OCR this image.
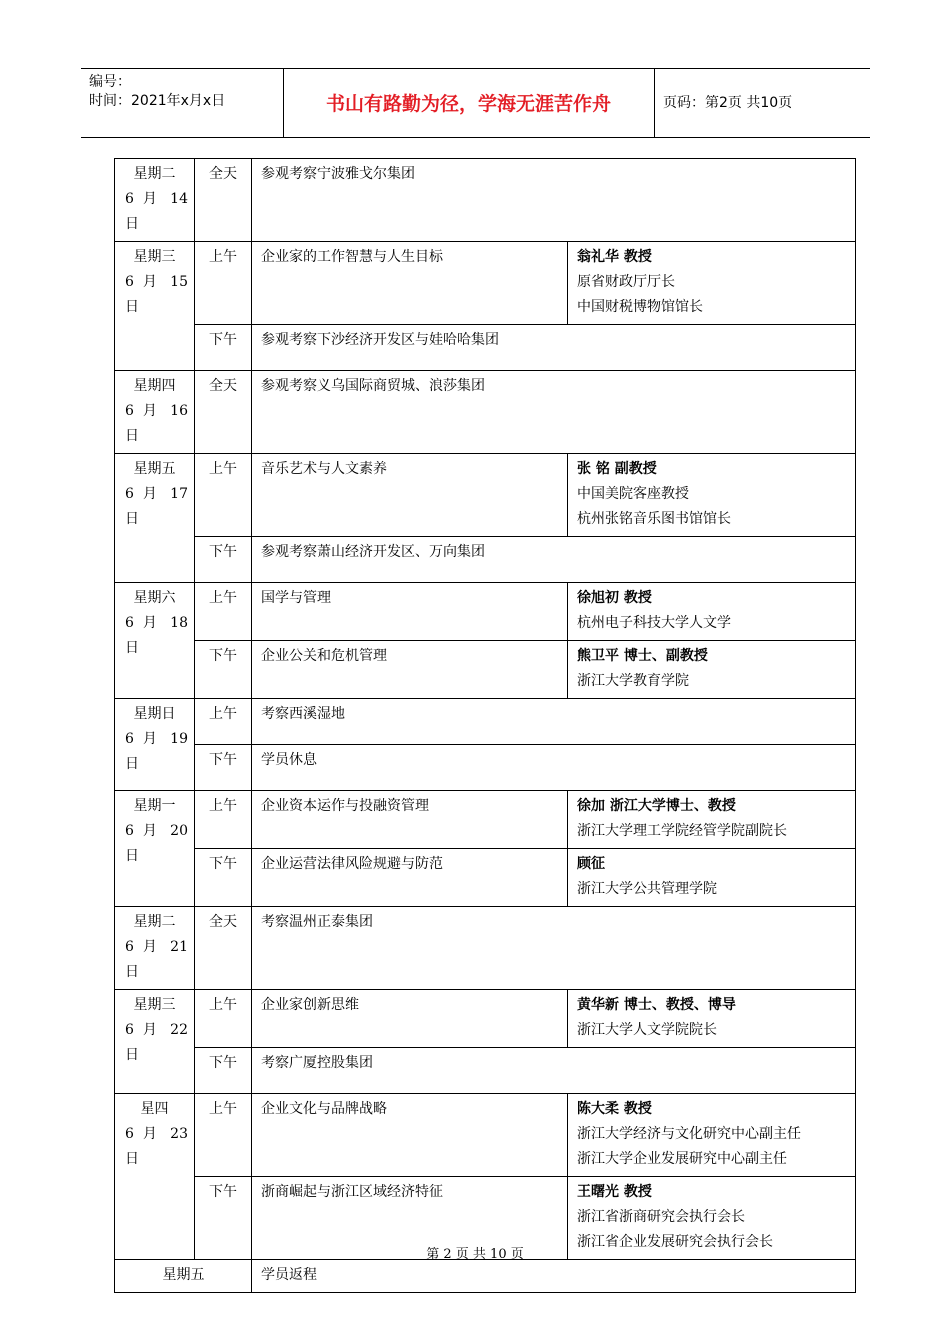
编号：
时间：2021年x月x日	书山有路勤为径，学海无涯苦作舟	页码：第2页 共10页
星期二
6 月 14
日	全天	参观考察宁波雅戈尔集团	

星期三
6 月 15
日	上午	企业家的工作智慧与人生目标	翁礼华 教授
原省财政厅厅长
中国财税博物馆馆长

	下午	参观考察下沙经济开发区与娃哈哈集团	

星期四
6 月 16
日	全天	参观考察义乌国际商贸城、浪莎集团	

星期五
6 月 17
日	上午	音乐艺术与人文素养	张 铭 副教授
中国美院客座教授
杭州张铭音乐图书馆馆长

	下午	参观考察萧山经济开发区、万向集团	

星期六
6 月 18
日	上午	国学与管理	徐旭初 教授
杭州电子科技大学人文学

	下午	企业公关和危机管理	熊卫平 博士、副教授
浙江大学教育学院

星期日
6 月 19
日	上午	考察西溪湿地	
	下午	学员休息	

星期一
6 月 20
日	上午	企业资本运作与投融资管理	徐加 浙江大学博士、教授
浙江大学理工学院经管学院副院长

	下午	企业运营法律风险规避与防范	顾征
浙江大学公共管理学院

星期二
6 月 21
日	全天	考察温州正泰集团	

星期三
6 月 22
日	上午	企业家创新思维	黄华新 博士、教授、博导
浙江大学人文学院院长

	下午	考察广厦控股集团	

星四
6 月 23
日	上午	企业文化与品牌战略	陈大柔 教授
浙江大学经济与文化研究中心副主任
浙江大学企业发展研究中心副主任

	下午	浙商崛起与浙江区域经济特征	王曙光 教授
浙江省浙商研究会执行会长
浙江省企业发展研究会执行会长

星期五		学员返程	
第 2 页 共 10 页
